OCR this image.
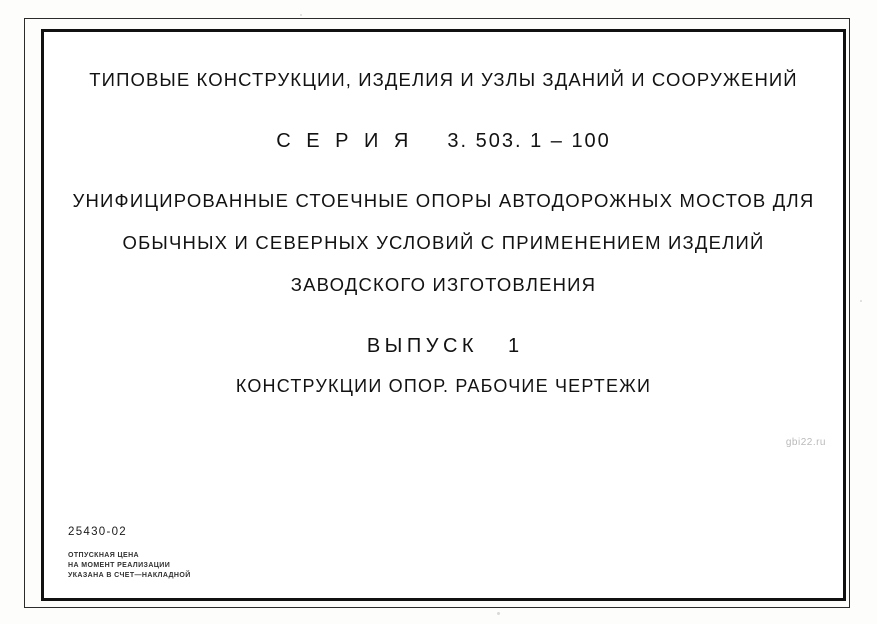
ТИПОВЫЕ КОНСТРУКЦИИ, ИЗДЕЛИЯ И УЗЛЫ ЗДАНИЙ И СООРУЖЕНИЙ
С Е Р И Я 3. 503. 1 – 100
УНИФИЦИРОВАННЫЕ СТОЕЧНЫЕ ОПОРЫ АВТОДОРОЖНЫХ МОСТОВ ДЛЯ
ОБЫЧНЫХ И СЕВЕРНЫХ УСЛОВИЙ С ПРИМЕНЕНИЕМ ИЗДЕЛИЙ
ЗАВОДСКОГО ИЗГОТОВЛЕНИЯ
ВЫПУСК 1
КОНСТРУКЦИИ ОПОР. РАБОЧИЕ ЧЕРТЕЖИ
25430-02
ОТПУСКНАЯ ЦЕНА
НА МОМЕНТ РЕАЛИЗАЦИИ
УКАЗАНА В СЧЕТ—НАКЛАДНОЙ
gbi22.ru
